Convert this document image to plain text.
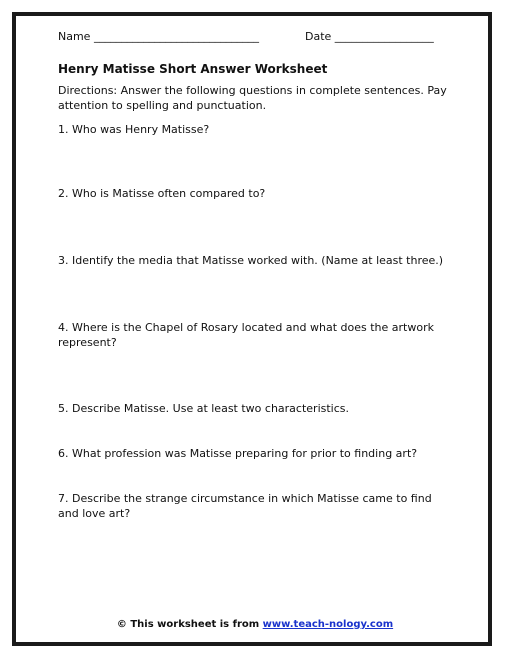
Name ______________________________	Date __________________
Henry Matisse Short Answer Worksheet
Directions: Answer the following questions in complete sentences. Pay attention to spelling and punctuation.
1. Who was Henry Matisse?
2. Who is Matisse often compared to?
3. Identify the media that Matisse worked with. (Name at least three.)
4. Where is the Chapel of Rosary located and what does the artwork represent?
5. Describe Matisse. Use at least two characteristics.
6. What profession was Matisse preparing for prior to finding art?
7. Describe the strange circumstance in which Matisse came to find and love art?
© This worksheet is from www.teach-nology.com
